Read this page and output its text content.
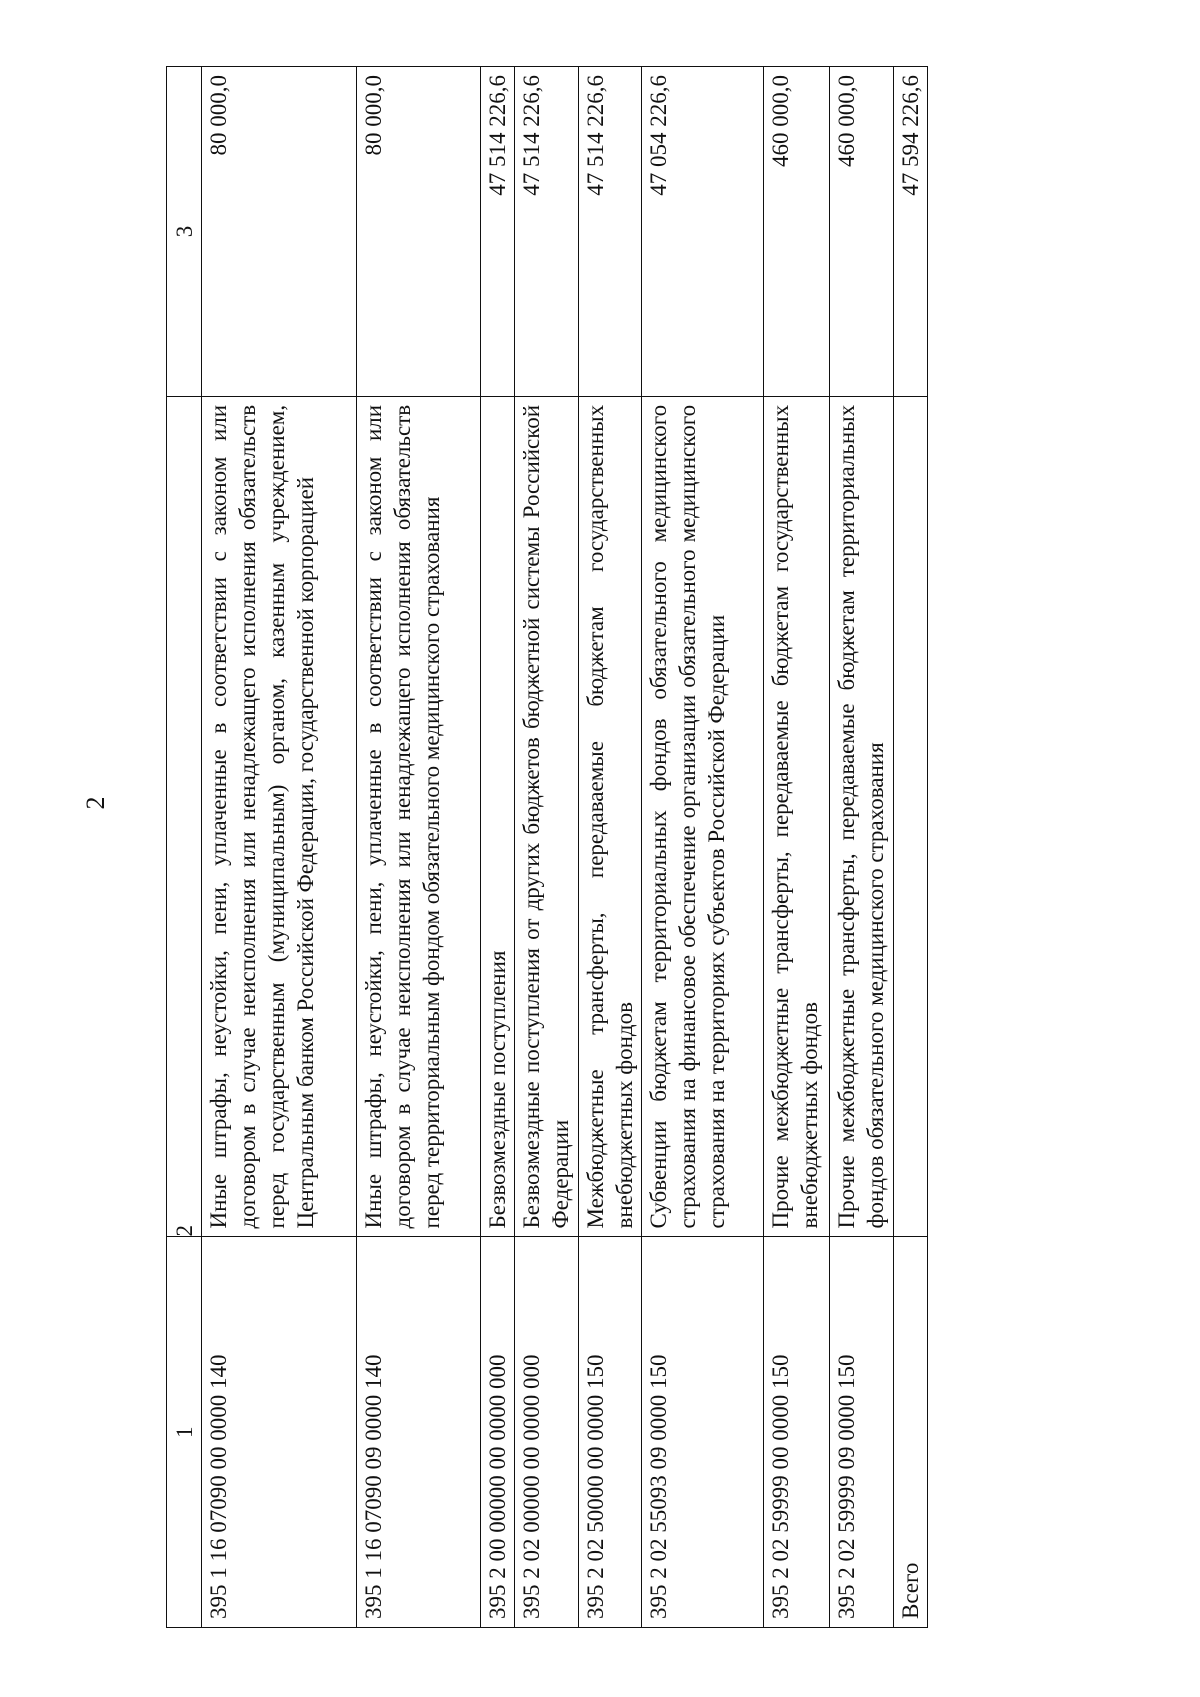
2
1	2	3
395 1 16 07090 00 0000 140	Иные штрафы, неустойки, пени, уплаченные в соответствии с законом или договором в случае неисполнения или ненадлежащего исполнения обязательств перед государственным (муниципальным) органом, казенным учреждением, Центральным банком Российской Федерации, государственной корпорацией	80 000,0
395 1 16 07090 09 0000 140	Иные штрафы, неустойки, пени, уплаченные в соответствии с законом или договором в случае неисполнения или ненадлежащего исполнения обязательств перед территориальным фондом обязательного медицинского страхования	80 000,0
395 2 00 00000 00 0000 000	Безвозмездные поступления	47 514 226,6
395 2 02 00000 00 0000 000	Безвозмездные поступления от других бюджетов бюджетной системы Российской Федерации	47 514 226,6
395 2 02 50000 00 0000 150	Межбюджетные трансферты, передаваемые бюджетам государственных внебюджетных фондов	47 514 226,6
395 2 02 55093 09 0000 150	Субвенции бюджетам территориальных фондов обязательного медицинского страхования на финансовое обеспечение организации обязательного медицинского страхования на территориях субъектов Российской Федерации	47 054 226,6
395 2 02 59999 00 0000 150	Прочие межбюджетные трансферты, передаваемые бюджетам государственных внебюджетных фондов	460 000,0
395 2 02 59999 09 0000 150	Прочие межбюджетные трансферты, передаваемые бюджетам территориальных фондов обязательного медицинского страхования	460 000,0
Всего		47 594 226,6
